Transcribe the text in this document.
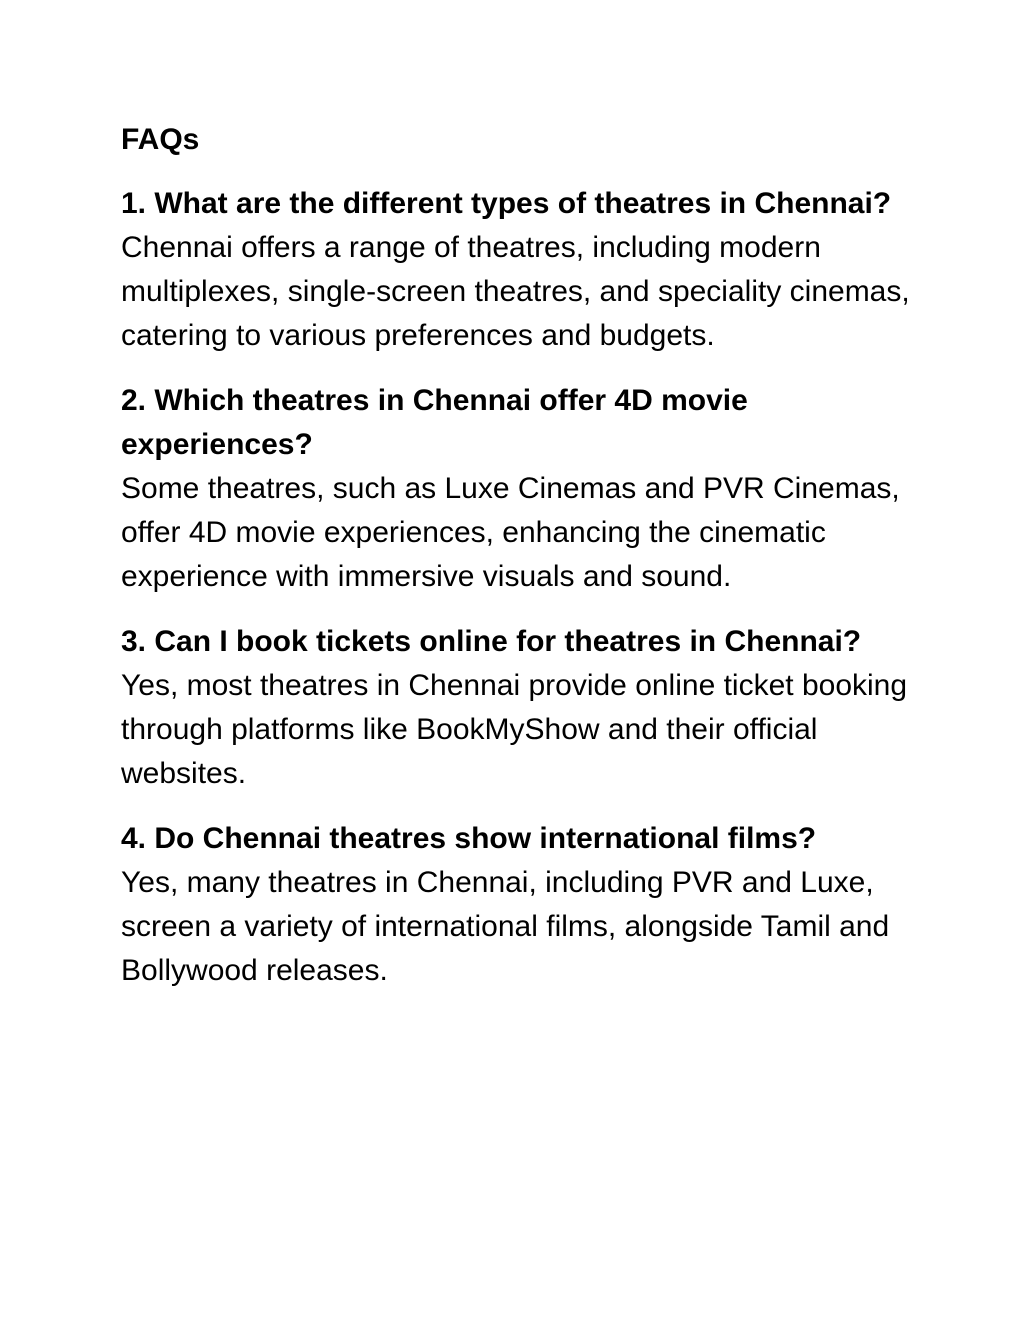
FAQs

1. What are the different types of theatres in Chennai?

Chennai offers a range of theatres, including modern multiplexes, single-screen theatres, and speciality cinemas, catering to various preferences and budgets.

2. Which theatres in Chennai offer 4D movie experiences?

Some theatres, such as Luxe Cinemas and PVR Cinemas, offer 4D movie experiences, enhancing the cinematic experience with immersive visuals and sound.

3. Can I book tickets online for theatres in Chennai?

Yes, most theatres in Chennai provide online ticket booking through platforms like BookMyShow and their official websites.

4. Do Chennai theatres show international films?

Yes, many theatres in Chennai, including PVR and Luxe, screen a variety of international films, alongside Tamil and Bollywood releases.
